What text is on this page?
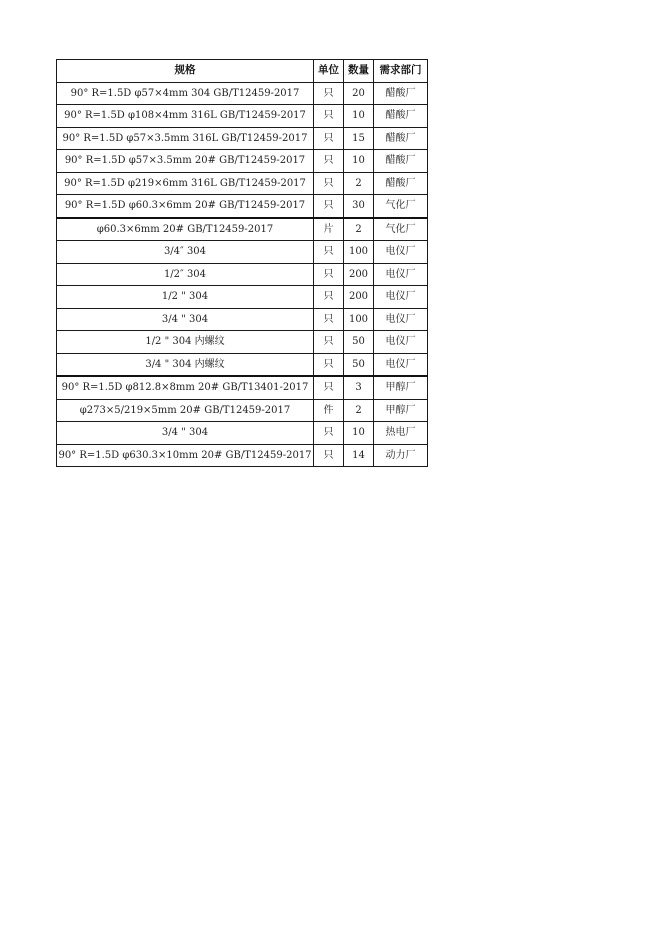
规格	单位	数量	需求部门
90° R=1.5D φ57×4mm 304 GB/T12459-2017	只	20	醋酸厂
90° R=1.5D φ108×4mm 316L GB/T12459-2017	只	10	醋酸厂
90° R=1.5D φ57×3.5mm 316L GB/T12459-2017	只	15	醋酸厂
90° R=1.5D φ57×3.5mm 20# GB/T12459-2017	只	10	醋酸厂
90° R=1.5D φ219×6mm 316L GB/T12459-2017	只	2	醋酸厂
90° R=1.5D φ60.3×6mm 20# GB/T12459-2017	只	30	气化厂
φ60.3×6mm 20# GB/T12459-2017	片	2	气化厂
3/4″ 304	只	100	电仪厂
1/2″ 304	只	200	电仪厂
1/2 " 304	只	200	电仪厂
3/4 " 304	只	100	电仪厂
1/2 " 304 内螺纹	只	50	电仪厂
3/4 " 304 内螺纹	只	50	电仪厂
90° R=1.5D φ812.8×8mm 20# GB/T13401-2017	只	3	甲醇厂
φ273×5/219×5mm 20# GB/T12459-2017	件	2	甲醇厂
3/4 " 304	只	10	热电厂
90° R=1.5D φ630.3×10mm 20# GB/T12459-2017	只	14	动力厂
